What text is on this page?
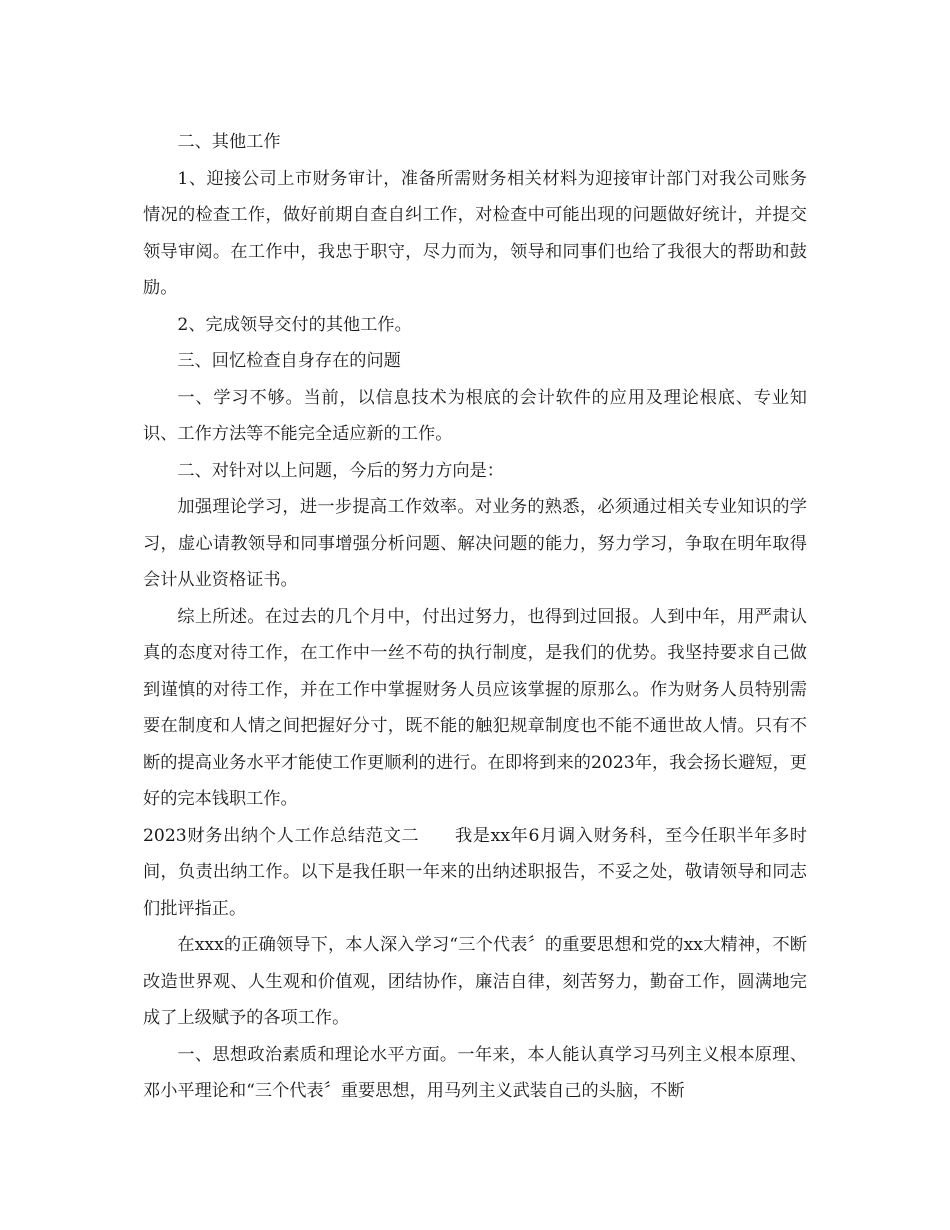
二、其他工作

1、迎接公司上市财务审计，准备所需财务相关材料为迎接审计部门对我公司账务情况的检查工作，做好前期自查自纠工作，对检查中可能出现的问题做好统计，并提交领导审阅。在工作中，我忠于职守，尽力而为，领导和同事们也给了我很大的帮助和鼓励。

2、完成领导交付的其他工作。

三、回忆检查自身存在的问题

一、学习不够。当前，以信息技术为根底的会计软件的应用及理论根底、专业知识、工作方法等不能完全适应新的工作。

二、对针对以上问题，今后的努力方向是：

加强理论学习，进一步提高工作效率。对业务的熟悉，必须通过相关专业知识的学习，虚心请教领导和同事增强分析问题、解决问题的能力，努力学习，争取在明年取得会计从业资格证书。

综上所述。在过去的几个月中，付出过努力，也得到过回报。人到中年，用严肃认真的态度对待工作，在工作中一丝不苟的执行制度，是我们的优势。我坚持要求自己做到谨慎的对待工作，并在工作中掌握财务人员应该掌握的原那么。作为财务人员特别需要在制度和人情之间把握好分寸，既不能的触犯规章制度也不能不通世故人情。只有不断的提高业务水平才能使工作更顺利的进行。在即将到来的2023年，我会扬长避短，更好的完本钱职工作。

2023财务出纳个人工作总结范文二　　我是xx年6月调入财务科，至今任职半年多时间，负责出纳工作。以下是我任职一年来的出纳述职报告，不妥之处，敬请领导和同志们批评指正。

在xxx的正确领导下，本人深入学习“三个代表〞的重要思想和党的xx大精神，不断改造世界观、人生观和价值观，团结协作，廉洁自律，刻苦努力，勤奋工作，圆满地完成了上级赋予的各项工作。

一、思想政治素质和理论水平方面。一年来，本人能认真学习马列主义根本原理、邓小平理论和“三个代表〞重要思想，用马列主义武装自己的头脑，不断
